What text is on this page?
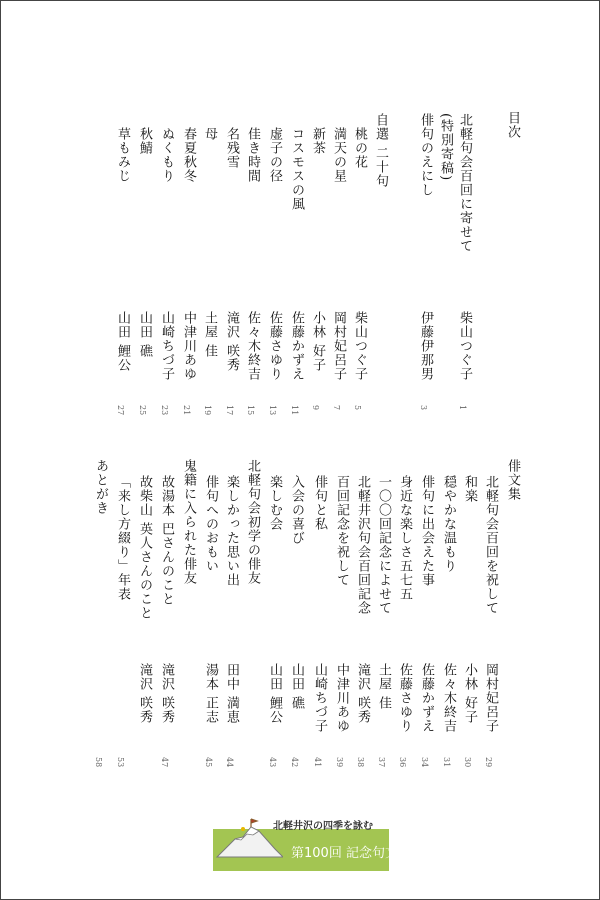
目次
北軽句会百回に寄せて
(特別寄稿)
俳句のえにし
自選 二十句
桃の花
満天の星
新茶
コスモスの風
虚子の径
佳き時間
名残雪
母
春夏秋冬
ぬくもり
秋鯖
草もみじ
柴山つぐ子
伊藤伊那男
柴山つぐ子
岡村妃呂子
小林 好子
佐藤かずえ
佐藤さゆり
佐々木終吉
滝沢 咲秀
土屋 佳
中津川あゆ
山崎ちづ子
山田 礁
山田 鯉公
1
3
5
7
9
11
13
15
17
19
21
23
25
27
俳文集
北軽句会百回を祝して
和楽
穏やかな温もり
俳句に出会えた事
身近な楽しさ五七五
一〇〇回記念によせて
北軽井沢句会百回記念
百回記念を祝して
俳句と私
入会の喜び
楽しむ会
北軽句会初学の俳友
楽しかった思い出
俳句へのおもい
鬼籍に入られた俳友
故湯本 巴さんのこと
故柴山 英人さんのこと
「来し方綴り」年表
あとがき
岡村妃呂子
小林 好子
佐々木終吉
佐藤かずえ
佐藤さゆり
土屋 佳
滝沢 咲秀
中津川あゆ
山崎ちづ子
山田 礁
山田 鯉公
田中 満恵
湯本 正志
滝沢 咲秀
滝沢 咲秀
29
30
31
34
36
37
38
39
41
42
43
44
45
47
53
58
北軽井沢の四季を詠む
第100回 記念句文集
